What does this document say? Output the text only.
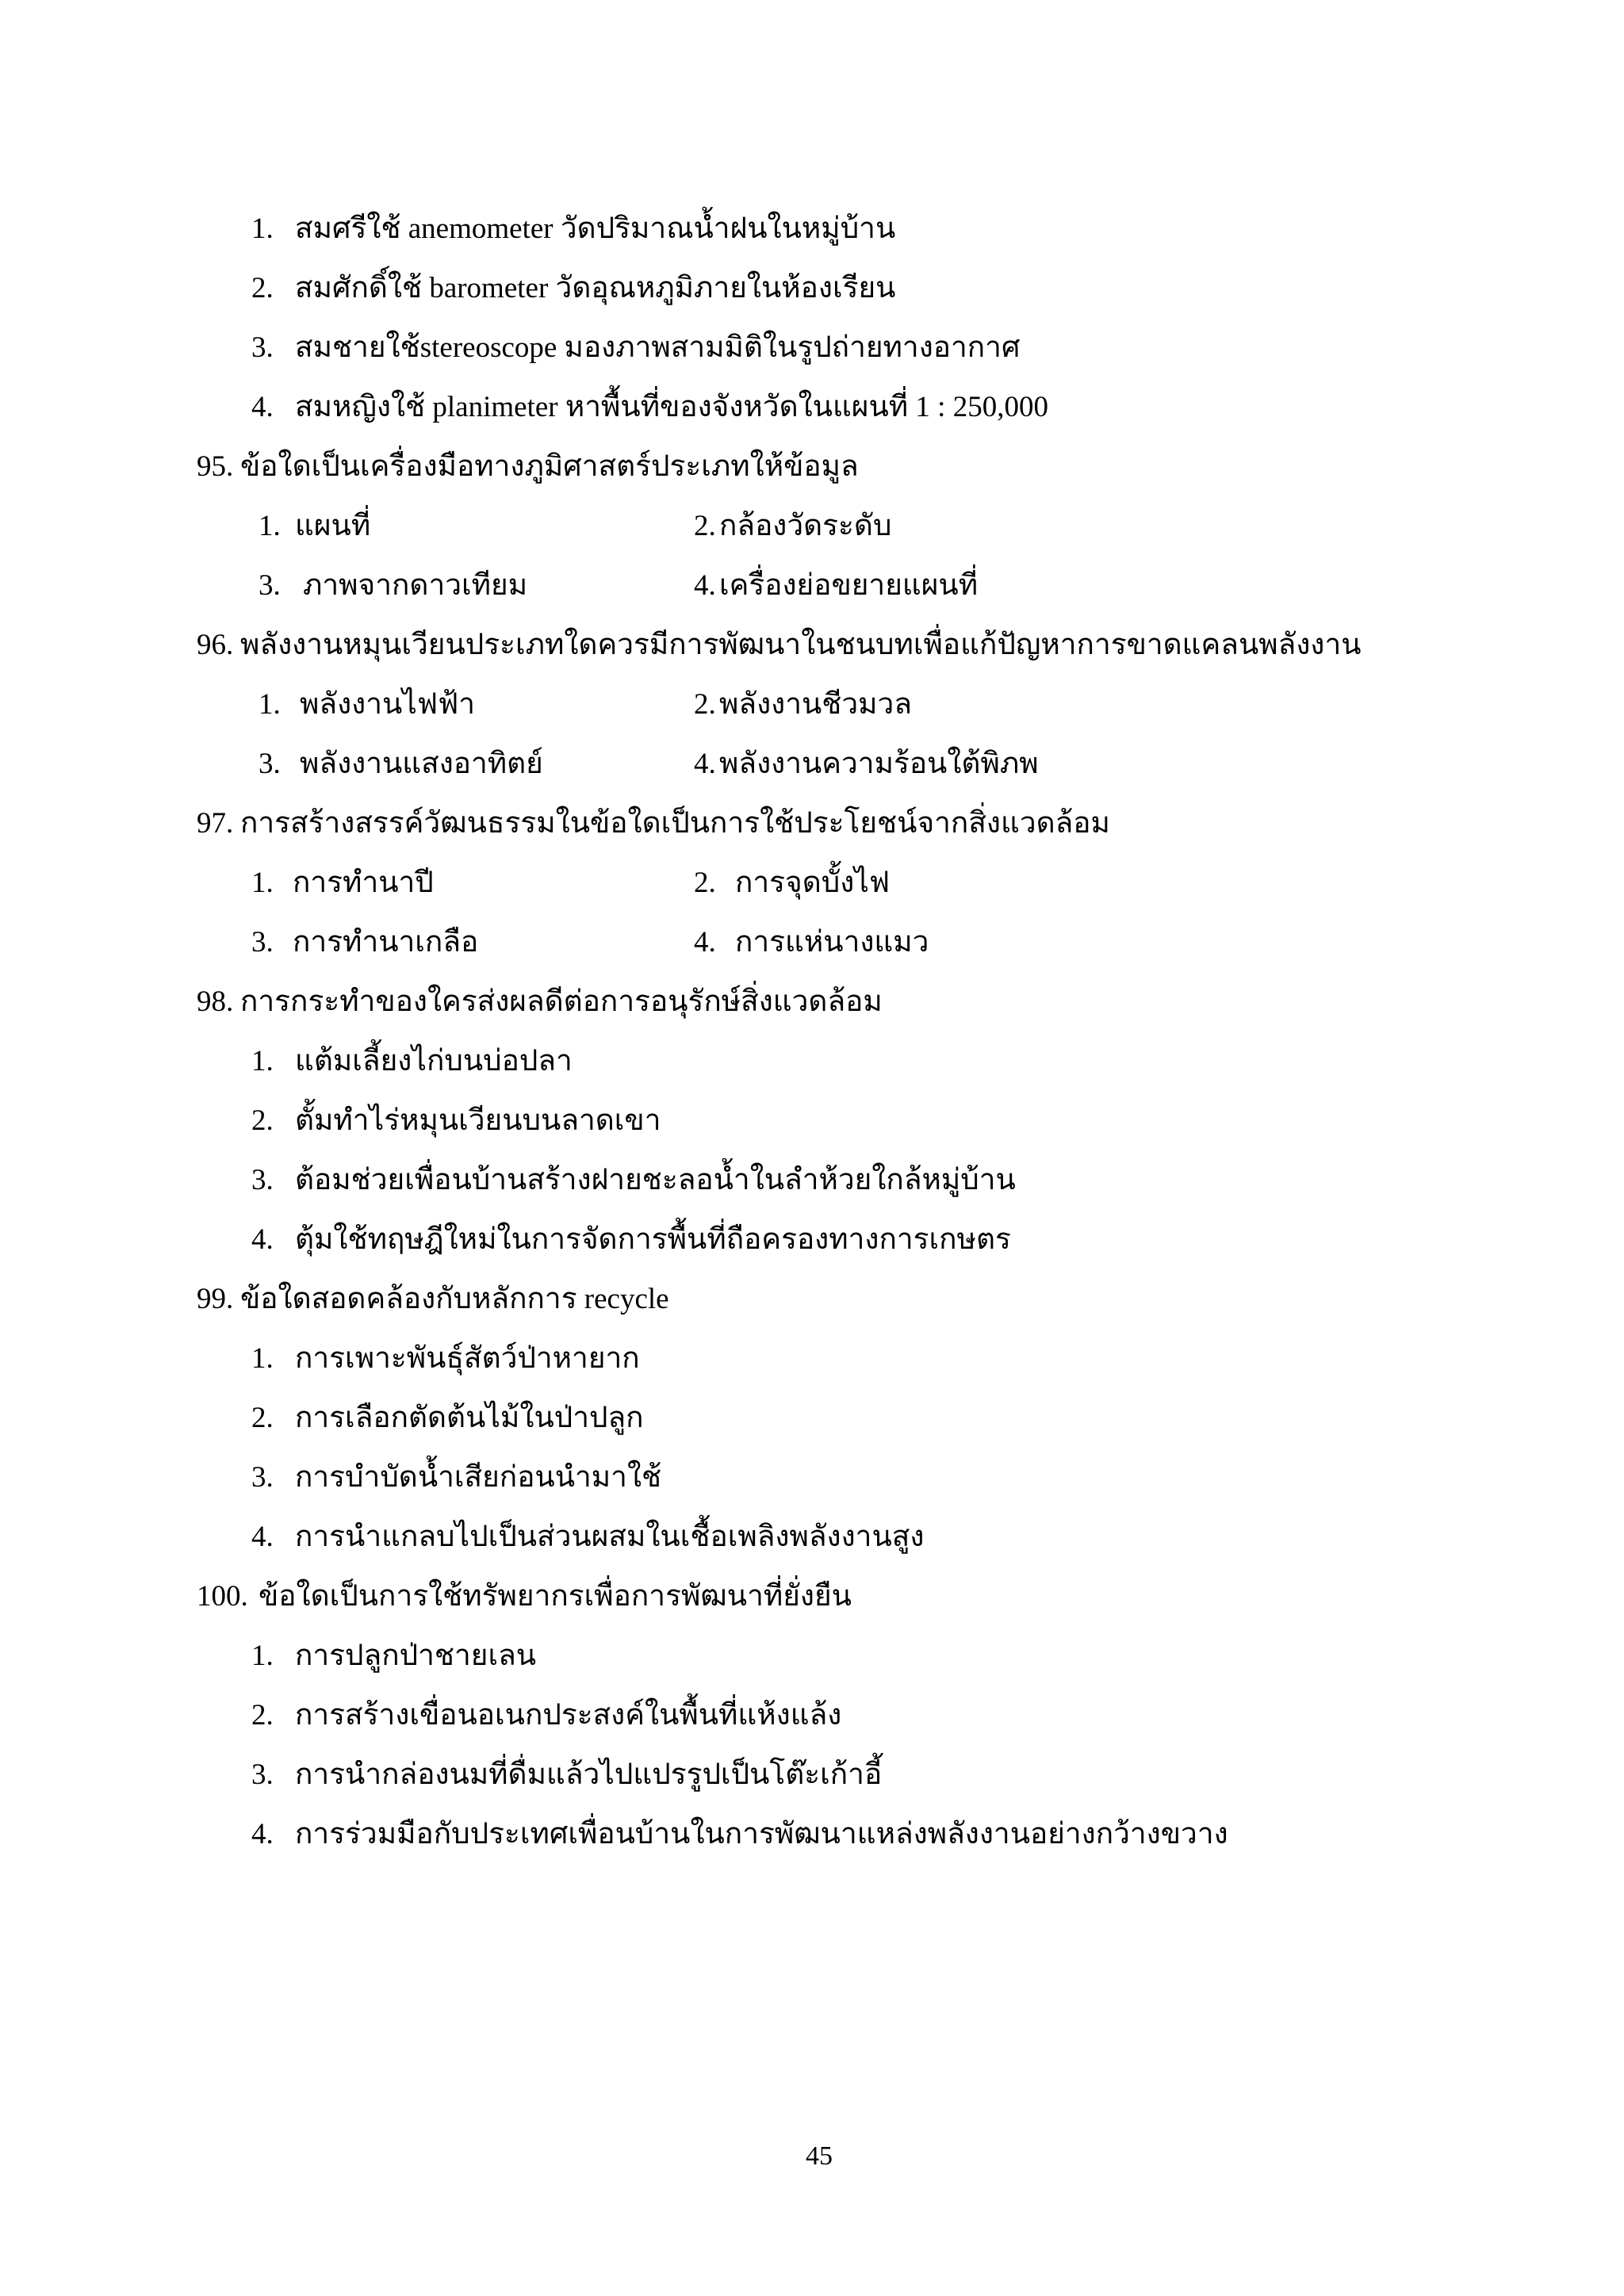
1. สมศรีใช้ anemometer วัดปริมาณน้ำฝนในหมู่บ้าน
2. สมศักดิ์ใช้ barometer วัดอุณหภูมิภายในห้องเรียน
3. สมชายใช้stereoscope มองภาพสามมิติในรูปถ่ายทางอากาศ
4. สมหญิงใช้ planimeter หาพื้นที่ของจังหวัดในแผนที่ 1 : 250,000
95. ข้อใดเป็นเครื่องมือทางภูมิศาสตร์ประเภทให้ข้อมูล
1. แผนที่	2. กล้องวัดระดับ
3. ภาพจากดาวเทียม	4. เครื่องย่อขยายแผนที่
96. พลังงานหมุนเวียนประเภทใดควรมีการพัฒนาในชนบทเพื่อแก้ปัญหาการขาดแคลนพลังงาน
1. พลังงานไฟฟ้า	2. พลังงานชีวมวล
3. พลังงานแสงอาทิตย์	4. พลังงานความร้อนใต้พิภพ
97. การสร้างสรรค์วัฒนธรรมในข้อใดเป็นการใช้ประโยชน์จากสิ่งแวดล้อม
1. การทำนาปี	2. การจุดบั้งไฟ
3. การทำนาเกลือ	4. การแห่นางแมว
98. การกระทำของใครส่งผลดีต่อการอนุรักษ์สิ่งแวดล้อม
1. แต้มเลี้ยงไก่บนบ่อปลา
2. ตั้มทำไร่หมุนเวียนบนลาดเขา
3. ต้อมช่วยเพื่อนบ้านสร้างฝายชะลอน้ำในลำห้วยใกล้หมู่บ้าน
4. ตุ้มใช้ทฤษฎีใหม่ในการจัดการพื้นที่ถือครองทางการเกษตร
99. ข้อใดสอดคล้องกับหลักการ recycle
1. การเพาะพันธุ์สัตว์ป่าหายาก
2. การเลือกตัดต้นไม้ในป่าปลูก
3. การบำบัดน้ำเสียก่อนนำมาใช้
4. การนำแกลบไปเป็นส่วนผสมในเชื้อเพลิงพลังงานสูง
100. ข้อใดเป็นการใช้ทรัพยากรเพื่อการพัฒนาที่ยั่งยืน
1. การปลูกป่าชายเลน
2. การสร้างเขื่อนอเนกประสงค์ในพื้นที่แห้งแล้ง
3. การนำกล่องนมที่ดื่มแล้วไปแปรรูปเป็นโต๊ะเก้าอี้
4. การร่วมมือกับประเทศเพื่อนบ้านในการพัฒนาแหล่งพลังงานอย่างกว้างขวาง
45
